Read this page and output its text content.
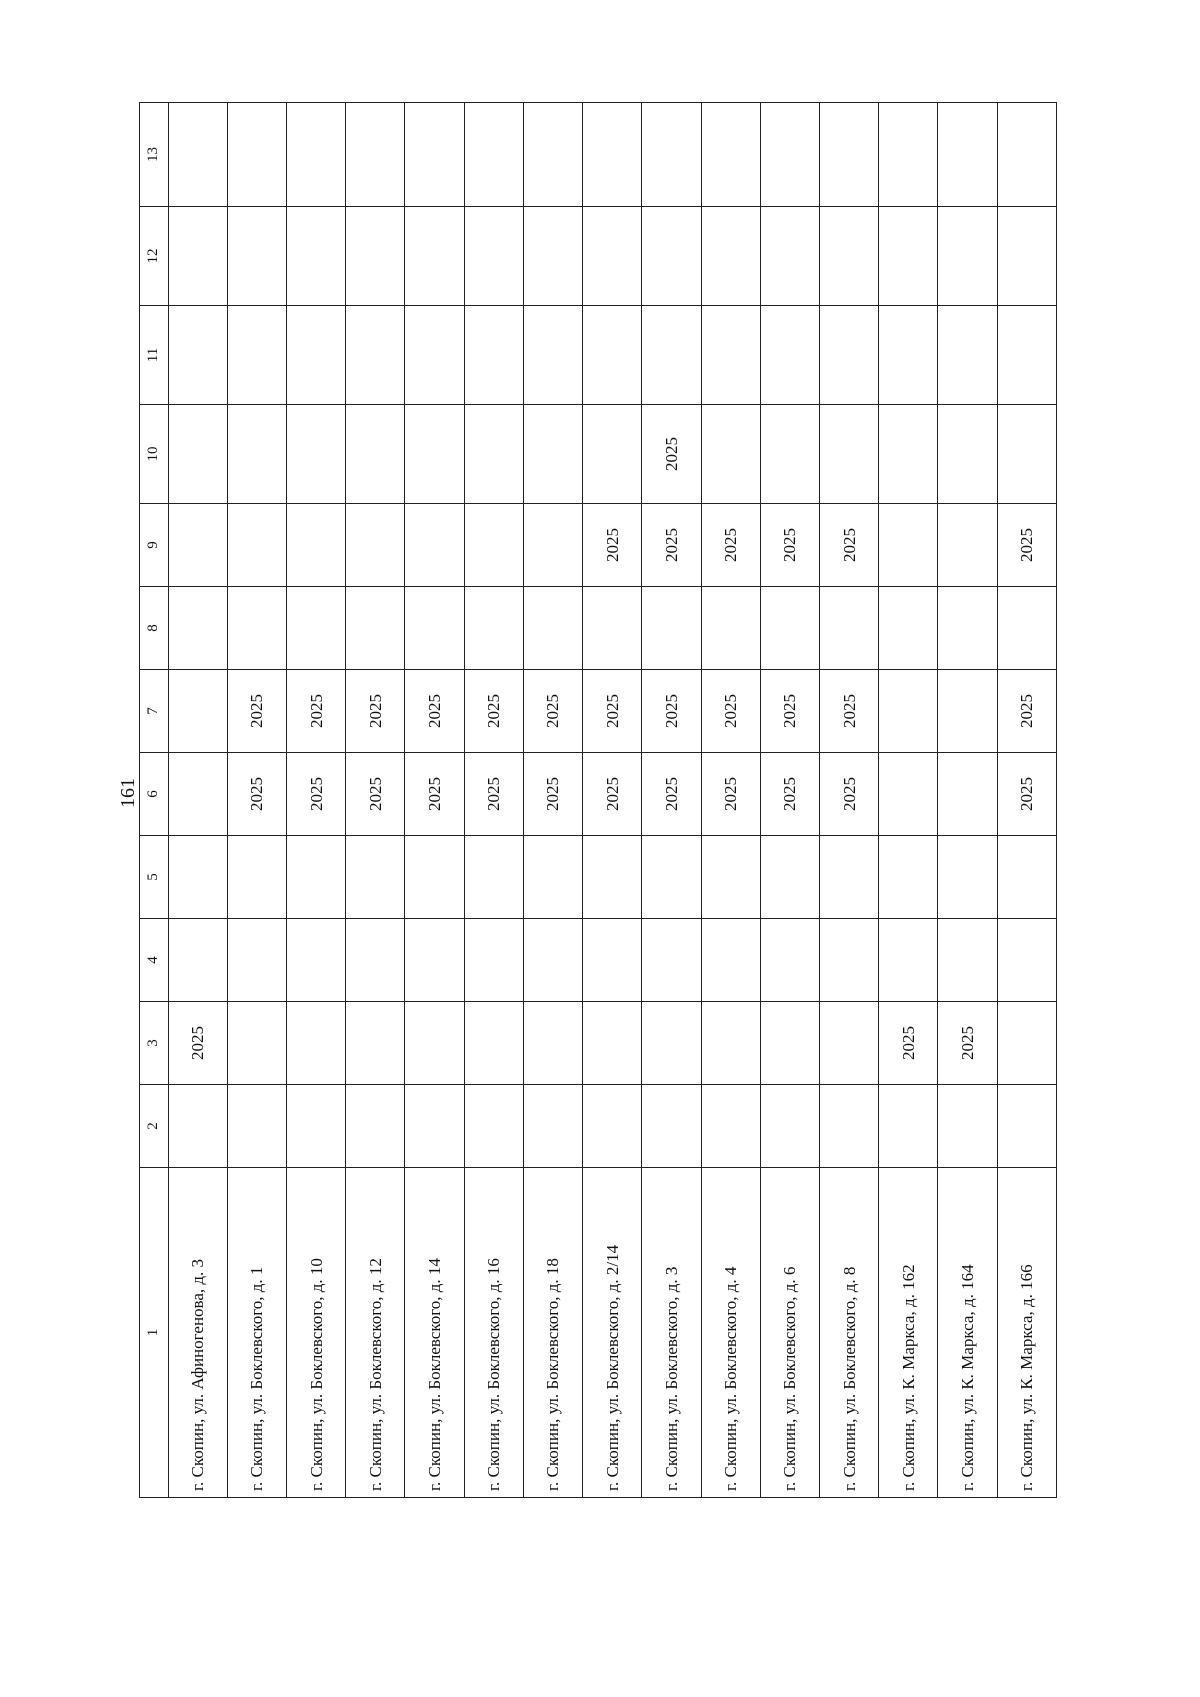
161
1	2	3	4	5	6	7	8	9	10	11	12	13
г. Скопин, ул. Афиногенова, д. 3		2025										
г. Скопин, ул. Боклевского, д. 1					2025	2025						
г. Скопин, ул. Боклевского, д. 10					2025	2025						
г. Скопин, ул. Боклевского, д. 12					2025	2025						
г. Скопин, ул. Боклевского, д. 14					2025	2025						
г. Скопин, ул. Боклевского, д. 16					2025	2025						
г. Скопин, ул. Боклевского, д. 18					2025	2025						
г. Скопин, ул. Боклевского, д. 2/14					2025	2025		2025				
г. Скопин, ул. Боклевского, д. 3					2025	2025		2025	2025			
г. Скопин, ул. Боклевского, д. 4					2025	2025		2025				
г. Скопин, ул. Боклевского, д. 6					2025	2025		2025				
г. Скопин, ул. Боклевского, д. 8					2025	2025		2025				
г. Скопин, ул. К. Маркса, д. 162		2025										
г. Скопин, ул. К. Маркса, д. 164		2025										
г. Скопин, ул. К. Маркса, д. 166					2025	2025		2025				
